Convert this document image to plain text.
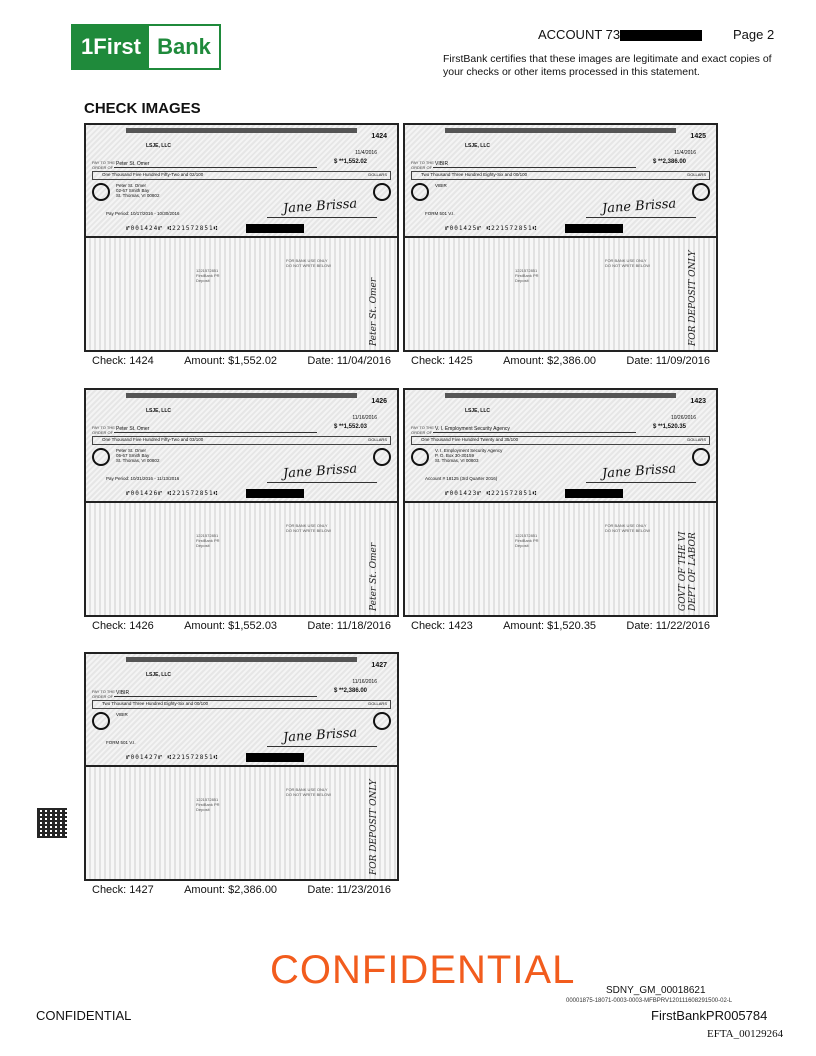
1 First Bank	ACCOUNT 73	Page 2
FirstBank certifies that these images are legitimate and exact copies of your checks or other items processed in this statement.
CHECK IMAGES
1424
LSJE, LLC
11/4/2016
PAY TO THE
ORDER OF
Peter St. Omer	$ **1,552.02
One Thousand Five Hundred Fifty-Two and 02/100	DOLLARS
Peter St. Omer
02-67 Smith Bay
St. Thomas, VI 00802
Pay Period: 10/17/2016 - 10/30/2016	Jane Brissa
⑈001424⑈ ⑆221572851⑆
1221572851
FirstBank PR
Deposit
FOR BANK USE ONLY
DO NOT WRITE BELOW
Peter St. Omer
Check: 1424	Amount: $1,552.02	Date: 11/04/2016
1425
LSJE, LLC
11/4/2016
PAY TO THE
ORDER OF
VIBIR	$ **2,386.00
Two Thousand Three Hundred Eighty-Six and 00/100	DOLLARS
VIBIR
FORM 501 V.I.	Jane Brissa
⑈001425⑈ ⑆221572851⑆
1221572851
FirstBank PR
Deposit
FOR BANK USE ONLY
DO NOT WRITE BELOW	FOR DEPOSIT ONLY
Check: 1425	Amount: $2,386.00	Date: 11/09/2016
1426
LSJE, LLC
11/16/2016
PAY TO THE
ORDER OF
Peter St. Omer	$ **1,552.03
One Thousand Five Hundred Fifty-Two and 03/100	DOLLARS
Peter St. Omer
05-67 Smith Bay
St. Thomas, VI 00802
Pay Period: 10/31/2016 - 11/13/2016	Jane Brissa
⑈001426⑈ ⑆221572851⑆
1221572851
FirstBank PR
Deposit
FOR BANK USE ONLY
DO NOT WRITE BELOW
Peter St. Omer
Check: 1426	Amount: $1,552.03	Date: 11/18/2016
1423
LSJE, LLC
10/26/2016
PAY TO THE
ORDER OF
V. I. Employment Security Agency	$ **1,520.35
One Thousand Five Hundred Twenty and 35/100	DOLLARS
V. I. Employment Security Agency
P. O. Box 30-30159
St. Thomas, VI 00803
Account # 18125 (3rd Quarter 2016)	Jane Brissa
⑈001423⑈ ⑆221572851⑆
1221572851
FirstBank PR
Deposit
FOR BANK USE ONLY
DO NOT WRITE BELOW
GOVT OF THE VI DEPT OF LABOR
Check: 1423	Amount: $1,520.35	Date: 11/22/2016
1427
LSJE, LLC
11/16/2016
PAY TO THE
ORDER OF
VIBIR	$ **2,386.00
Two Thousand Three Hundred Eighty-Six and 00/100	DOLLARS
VIBIR
FORM 501 V.I.	Jane Brissa
⑈001427⑈ ⑆221572851⑆
1221572851
FirstBank PR
Deposit
FOR BANK USE ONLY
DO NOT WRITE BELOW	FOR DEPOSIT ONLY
Check: 1427	Amount: $2,386.00	Date: 11/23/2016
CONFIDENTIAL	SDNY_GM_00018621
00001875-18071-0003-0003-MFBPRV120111608291500-02-L
CONFIDENTIAL	FirstBankPR005784
EFTA_00129264
